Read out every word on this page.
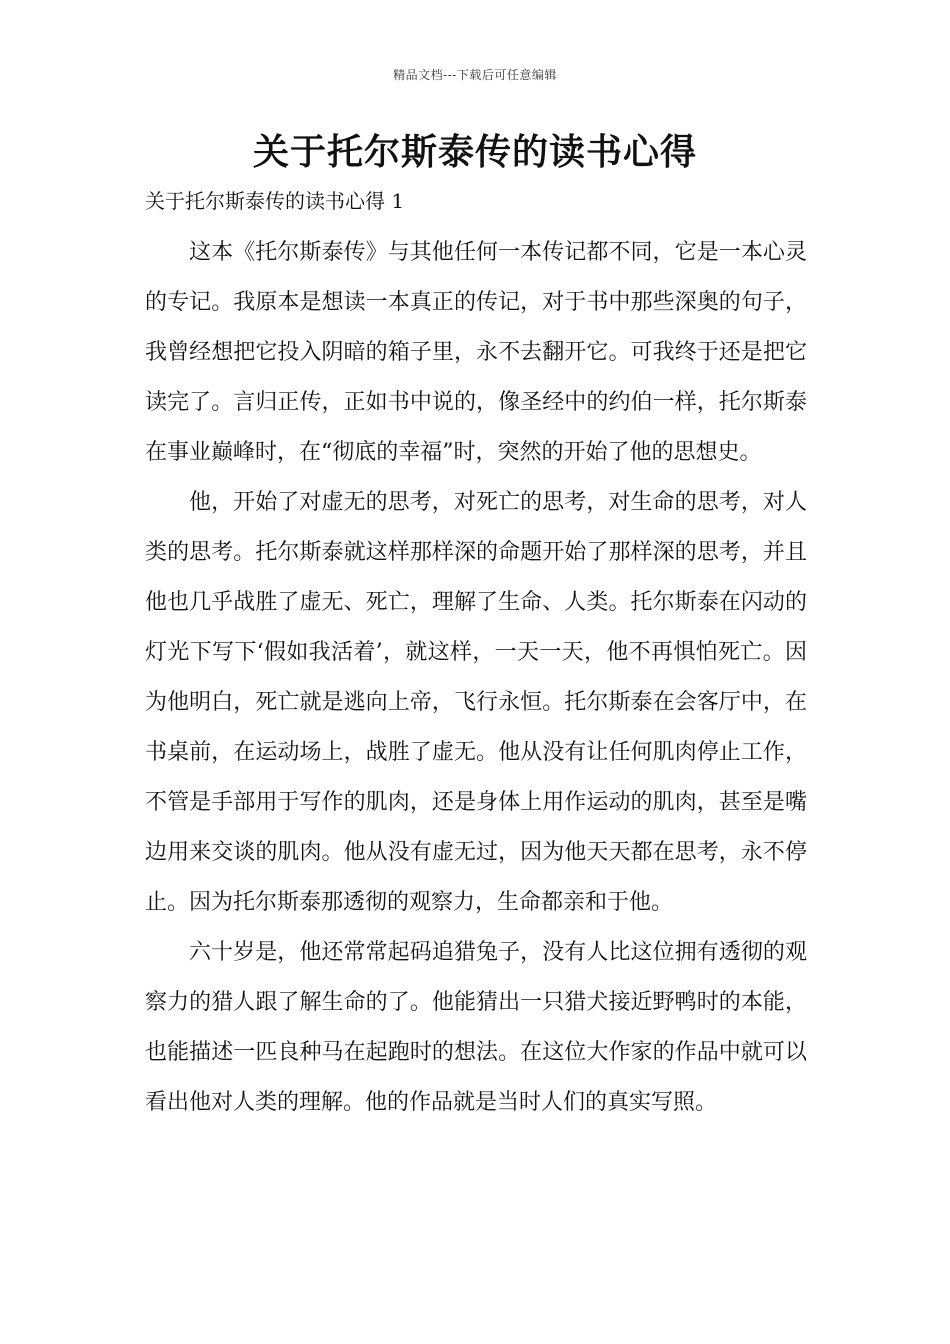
精品文档---下载后可任意编辑
关于托尔斯泰传的读书心得
关于托尔斯泰传的读书心得 1

这本《托尔斯泰传》与其他任何一本传记都不同，它是一本心灵的专记。我原本是想读一本真正的传记，对于书中那些深奥的句子，我曾经想把它投入阴暗的箱子里，永不去翻开它。可我终于还是把它读完了。言归正传，正如书中说的，像圣经中的约伯一样，托尔斯泰在事业巅峰时，在“彻底的幸福”时，突然的开始了他的思想史。

他，开始了对虚无的思考，对死亡的思考，对生命的思考，对人类的思考。托尔斯泰就这样那样深的命题开始了那样深的思考，并且他也几乎战胜了虚无、死亡，理解了生命、人类。托尔斯泰在闪动的灯光下写下‘假如我活着’，就这样，一天一天，他不再惧怕死亡。因为他明白，死亡就是逃向上帝，飞行永恒。托尔斯泰在会客厅中，在书桌前，在运动场上，战胜了虚无。他从没有让任何肌肉停止工作，不管是手部用于写作的肌肉，还是身体上用作运动的肌肉，甚至是嘴边用来交谈的肌肉。他从没有虚无过，因为他天天都在思考，永不停止。因为托尔斯泰那透彻的观察力，生命都亲和于他。

六十岁是，他还常常起码追猎兔子，没有人比这位拥有透彻的观察力的猎人跟了解生命的了。他能猜出一只猎犬接近野鸭时的本能，也能描述一匹良种马在起跑时的想法。在这位大作家的作品中就可以看出他对人类的理解。他的作品就是当时人们的真实写照。
